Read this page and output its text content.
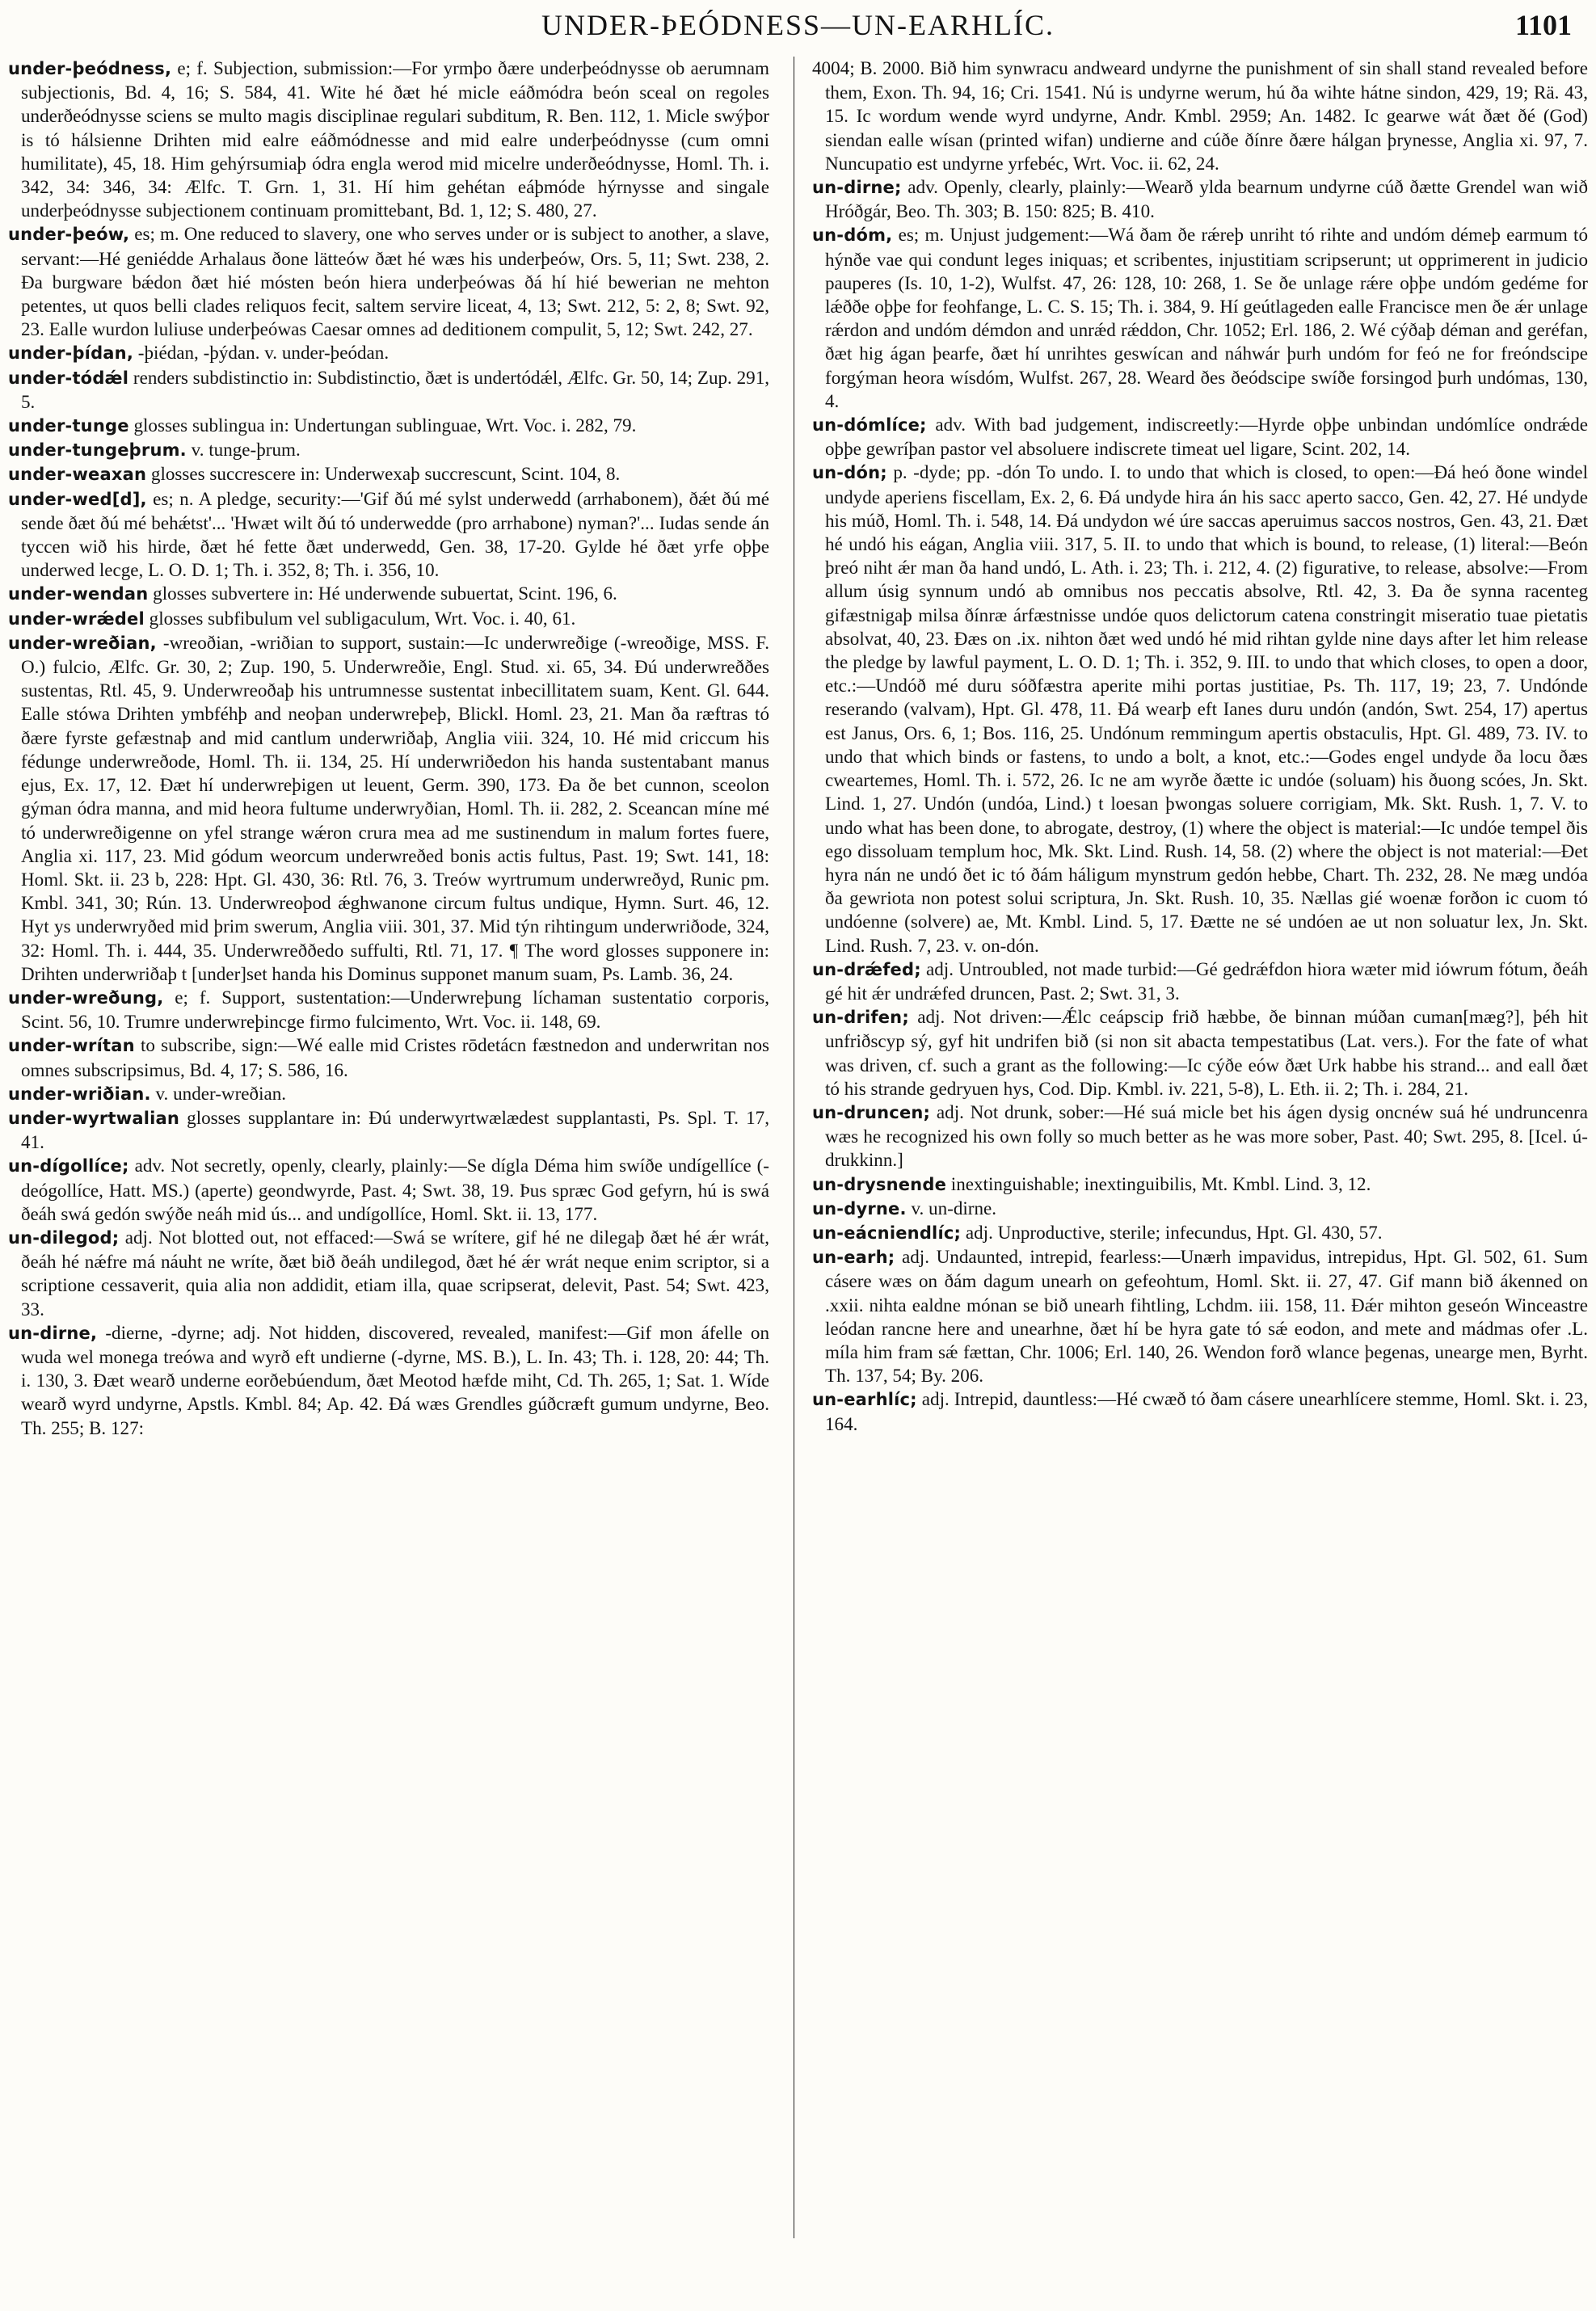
UNDER-ÞEÓDNESS—UN-EARHLÍC.	1101

under-þeódness, e; f. Subjection, submission:—For yrmþo ðære underþeódnysse ob aerumnam subjectionis, Bd. 4, 16; S. 584, 41. Wite hé ðæt hé micle eáðmódra beón sceal on regoles underðeódnysse sciens se multo magis disciplinae regulari subditum, R. Ben. 112, 1. Micle swýþor is tó hálsienne Drihten mid ealre eáðmódnesse and mid ealre underþeódnysse (cum omni humilitate), 45, 18. Him gehýrsumiaþ ódra engla werod mid micelre underðeódnysse, Homl. Th. i. 342, 34: 346, 34: Ælfc. T. Grn. 1, 31. Hí him gehétan eáþmóde hýrnysse and singale underþeódnysse subjectionem continuam promittebant, Bd. 1, 12; S. 480, 27.

under-þeów, es; m. One reduced to slavery, one who serves under or is subject to another, a slave, servant:—Hé geniédde Arhalaus ðone lätteów ðæt hé wæs his underþeów, Ors. 5, 11; Swt. 238, 2. Ða burgware bǽdon ðæt hié mósten beón hiera underþeówas ðá hí hié bewerian ne mehton petentes, ut quos belli clades reliquos fecit, saltem servire liceat, 4, 13; Swt. 212, 5: 2, 8; Swt. 92, 23. Ealle wurdon luliuse underþeówas Caesar omnes ad deditionem compulit, 5, 12; Swt. 242, 27.

under-þídan, -þiédan, -þýdan. v. under-þeódan.

under-tódǽl renders subdistinctio in: Subdistinctio, ðæt is undertódǽl, Ælfc. Gr. 50, 14; Zup. 291, 5.

under-tunge glosses sublingua in: Undertungan sublinguae, Wrt. Voc. i. 282, 79.

under-tungeþrum. v. tunge-þrum.

under-weaxan glosses succrescere in: Underwexaþ succrescunt, Scint. 104, 8.

under-wed[d], es; n. A pledge, security:—'Gif ðú mé sylst underwedd (arrhabonem), ðǽt ðú mé sende ðæt ðú mé behǽtst'... 'Hwæt wilt ðú tó underwedde (pro arrhabone) nyman?'... Iudas sende án tyccen wið his hirde, ðæt hé fette ðæt underwedd, Gen. 38, 17-20. Gylde hé ðæt yrfe oþþe underwed lecge, L. O. D. 1; Th. i. 352, 8; Th. i. 356, 10.

under-wendan glosses subvertere in: Hé underwende subuertat, Scint. 196, 6.

under-wrǽdel glosses subfibulum vel subligaculum, Wrt. Voc. i. 40, 61.

under-wreðian, -wreoðian, -wriðian to support, sustain:—Ic underwreðige (-wreoðige, MSS. F. O.) fulcio, Ælfc. Gr. 30, 2; Zup. 190, 5. Underwreðie, Engl. Stud. xi. 65, 34. Ðú underwreððes sustentas, Rtl. 45, 9. Underwreoðaþ his untrumnesse sustentat inbecillitatem suam, Kent. Gl. 644. Ealle stówa Drihten ymbféhþ and neoþan underwreþeþ, Blickl. Homl. 23, 21. Man ða ræftras tó ðære fyrste gefæstnaþ and mid cantlum underwriðaþ, Anglia viii. 324, 10. Hé mid criccum his fédunge underwreðode, Homl. Th. ii. 134, 25. Hí underwriðedon his handa sustentabant manus ejus, Ex. 17, 12. Ðæt hí underwreþigen ut leuent, Germ. 390, 173. Ða ðe bet cunnon, sceolon gýman ódra manna, and mid heora fultume underwryðian, Homl. Th. ii. 282, 2. Sceancan míne mé tó underwreðigenne on yfel strange wǽron crura mea ad me sustinendum in malum fortes fuere, Anglia xi. 117, 23. Mid gódum weorcum underwreðed bonis actis fultus, Past. 19; Swt. 141, 18: Homl. Skt. ii. 23 b, 228: Hpt. Gl. 430, 36: Rtl. 76, 3. Treów wyrtrumum underwreðyd, Runic pm. Kmbl. 341, 30; Rún. 13. Underwreoþod ǽghwanone circum fultus undique, Hymn. Surt. 46, 12. Hyt ys underwryðed mid þrim swerum, Anglia viii. 301, 37. Mid týn rihtingum underwriðode, 324, 32: Homl. Th. i. 444, 35. Underwreððedo suffulti, Rtl. 71, 17. ¶ The word glosses supponere in: Drihten underwriðaþ t [under]set handa his Dominus supponet manum suam, Ps. Lamb. 36, 24.

under-wreðung, e; f. Support, sustentation:—Underwreþung líchaman sustentatio corporis, Scint. 56, 10. Trumre underwreþincge firmo fulcimento, Wrt. Voc. ii. 148, 69.

under-wrítan to subscribe, sign:—Wé ealle mid Cristes rōdetácn fæstnedon and underwritan nos omnes subscripsimus, Bd. 4, 17; S. 586, 16.

under-wriðian. v. under-wreðian.

under-wyrtwalian glosses supplantare in: Ðú underwyrtwælædest supplantasti, Ps. Spl. T. 17, 41.

un-dígollíce; adv. Not secretly, openly, clearly, plainly:—Se dígla Déma him swíðe undígellíce (-deógollíce, Hatt. MS.) (aperte) geondwyrde, Past. 4; Swt. 38, 19. Þus spræc God gefyrn, hú is swá ðeáh swá gedón swýðe neáh mid ús... and undígollíce, Homl. Skt. ii. 13, 177.

un-dilegod; adj. Not blotted out, not effaced:—Swá se wrítere, gif hé ne dilegaþ ðæt hé ǽr wrát, ðeáh hé nǽfre má náuht ne wríte, ðæt bið ðeáh undilegod, ðæt hé ǽr wrát neque enim scriptor, si a scriptione cessaverit, quia alia non addidit, etiam illa, quae scripserat, delevit, Past. 54; Swt. 423, 33.

un-dirne, -dierne, -dyrne; adj. Not hidden, discovered, revealed, manifest:—Gif mon áfelle on wuda wel monega treówa and wyrð eft undierne (-dyrne, MS. B.), L. In. 43; Th. i. 128, 20: 44; Th. i. 130, 3. Ðæt wearð underne eorðebúendum, ðæt Meotod hæfde miht, Cd. Th. 265, 1; Sat. 1. Wíde wearð wyrd undyrne, Apstls. Kmbl. 84; Ap. 42. Ðá wæs Grendles gúðcræft gumum undyrne, Beo. Th. 255; B. 127:

4004; B. 2000. Bið him synwracu andweard undyrne the punishment of sin shall stand revealed before them, Exon. Th. 94, 16; Cri. 1541. Nú is undyrne werum, hú ða wihte hátne sindon, 429, 19; Rä. 43, 15. Ic wordum wende wyrd undyrne, Andr. Kmbl. 2959; An. 1482. Ic gearwe wát ðæt ðé (God) siendan ealle wísan (printed wifan) undierne and cúðe ðínre ðære hálgan þrynesse, Anglia xi. 97, 7. Nuncupatio est undyrne yrfebéc, Wrt. Voc. ii. 62, 24.

un-dirne; adv. Openly, clearly, plainly:—Wearð ylda bearnum undyrne cúð ðætte Grendel wan wið Hróðgár, Beo. Th. 303; B. 150: 825; B. 410.

un-dóm, es; m. Unjust judgement:—Wá ðam ðe rǽreþ unriht tó rihte and undóm démeþ earmum tó hýnðe vae qui condunt leges iniquas; et scribentes, injustitiam scripserunt; ut opprimerent in judicio pauperes (Is. 10, 1-2), Wulfst. 47, 26: 128, 10: 268, 1. Se ðe unlage rǽre oþþe undóm gedéme for lǽððe oþþe for feohfange, L. C. S. 15; Th. i. 384, 9. Hí geútlageden ealle Francisce men ðe ǽr unlage rǽrdon and undóm démdon and unrǽd rǽddon, Chr. 1052; Erl. 186, 2. Wé cýðaþ déman and geréfan, ðæt hig ágan þearfe, ðæt hí unrihtes geswícan and náhwár þurh undóm for feó ne for freóndscipe forgýman heora wísdóm, Wulfst. 267, 28. Weard ðes ðeódscipe swíðe forsingod þurh undómas, 130, 4.

un-dómlíce; adv. With bad judgement, indiscreetly:—Hyrde oþþe unbindan undómlíce ondrǽde oþþe gewríþan pastor vel absoluere indiscrete timeat uel ligare, Scint. 202, 14.

un-dón; p. -dyde; pp. -dón To undo. I. to undo that which is closed, to open:—Ðá heó ðone windel undyde aperiens fiscellam, Ex. 2, 6. Ðá undyde hira án his sacc aperto sacco, Gen. 42, 27. Hé undyde his múð, Homl. Th. i. 548, 14. Ðá undydon wé úre saccas aperuimus saccos nostros, Gen. 43, 21. Ðæt hé undó his eágan, Anglia viii. 317, 5. II. to undo that which is bound, to release, (1) literal:—Beón þreó niht ǽr man ða hand undó, L. Ath. i. 23; Th. i. 212, 4. (2) figurative, to release, absolve:—From allum úsig synnum undó ab omnibus nos peccatis absolve, Rtl. 42, 3. Ða ðe synna racenteg gifæstnigaþ milsa ðínræ árfæstnisse undóe quos delictorum catena constringit miseratio tuae pietatis absolvat, 40, 23. Ðæs on .ix. nihton ðæt wed undó hé mid rihtan gylde nine days after let him release the pledge by lawful payment, L. O. D. 1; Th. i. 352, 9. III. to undo that which closes, to open a door, etc.:—Undóð mé duru sóðfæstra aperite mihi portas justitiae, Ps. Th. 117, 19; 23, 7. Undónde reserando (valvam), Hpt. Gl. 478, 11. Ðá wearþ eft Ianes duru undón (andón, Swt. 254, 17) apertus est Janus, Ors. 6, 1; Bos. 116, 25. Undónum remmingum apertis obstaculis, Hpt. Gl. 489, 73. IV. to undo that which binds or fastens, to undo a bolt, a knot, etc.:—Godes engel undyde ða locu ðæs cweartemes, Homl. Th. i. 572, 26. Ic ne am wyrðe ðætte ic undóe (soluam) his ðuong scóes, Jn. Skt. Lind. 1, 27. Undón (undóa, Lind.) t loesan þwongas soluere corrigiam, Mk. Skt. Rush. 1, 7. V. to undo what has been done, to abrogate, destroy, (1) where the object is material:—Ic undóe tempel ðis ego dissoluam templum hoc, Mk. Skt. Lind. Rush. 14, 58. (2) where the object is not material:—Ðet hyra nán ne undó ðet ic tó ðám háligum mynstrum gedón hebbe, Chart. Th. 232, 28. Ne mæg undóa ða gewriota non potest solui scriptura, Jn. Skt. Rush. 10, 35. Nællas gié woenæ forðon ic cuom tó undóenne (solvere) ae, Mt. Kmbl. Lind. 5, 17. Ðætte ne sé undóen ae ut non soluatur lex, Jn. Skt. Lind. Rush. 7, 23. v. on-dón.

un-drǽfed; adj. Untroubled, not made turbid:—Gé gedrǽfdon hiora wæter mid iówrum fótum, ðeáh gé hit ǽr undrǽfed druncen, Past. 2; Swt. 31, 3.

un-drifen; adj. Not driven:—Ǽlc ceápscip frið hæbbe, ðe binnan múðan cuman[mæg?], þéh hit unfriðscyp sý, gyf hit undrifen bið (si non sit abacta tempestatibus (Lat. vers.). For the fate of what was driven, cf. such a grant as the following:—Ic cýðe eów ðæt Urk habbe his strand... and eall ðæt tó his strande gedryuen hys, Cod. Dip. Kmbl. iv. 221, 5-8), L. Eth. ii. 2; Th. i. 284, 21.

un-druncen; adj. Not drunk, sober:—Hé suá micle bet his ágen dysig oncnéw suá hé undruncenra wæs he recognized his own folly so much better as he was more sober, Past. 40; Swt. 295, 8. [Icel. ú-drukkinn.]

un-drysnende inextinguishable; inextinguibilis, Mt. Kmbl. Lind. 3, 12.

un-dyrne. v. un-dirne.

un-eácniendlíc; adj. Unproductive, sterile; infecundus, Hpt. Gl. 430, 57.

un-earh; adj. Undaunted, intrepid, fearless:—Unærh impavidus, intrepidus, Hpt. Gl. 502, 61. Sum cásere wæs on ðám dagum unearh on gefeohtum, Homl. Skt. ii. 27, 47. Gif mann bið ákenned on .xxii. nihta ealdne mónan se bið unearh fihtling, Lchdm. iii. 158, 11. Ðǽr mihton geseón Winceastre leódan rancne here and unearhne, ðæt hí be hyra gate tó sǽ eodon, and mete and mádmas ofer .L. míla him fram sǽ fættan, Chr. 1006; Erl. 140, 26. Wendon forð wlance þegenas, unearge men, Byrht. Th. 137, 54; By. 206.

un-earhlíc; adj. Intrepid, dauntless:—Hé cwæð tó ðam cásere unearhlícere stemme, Homl. Skt. i. 23, 164.
